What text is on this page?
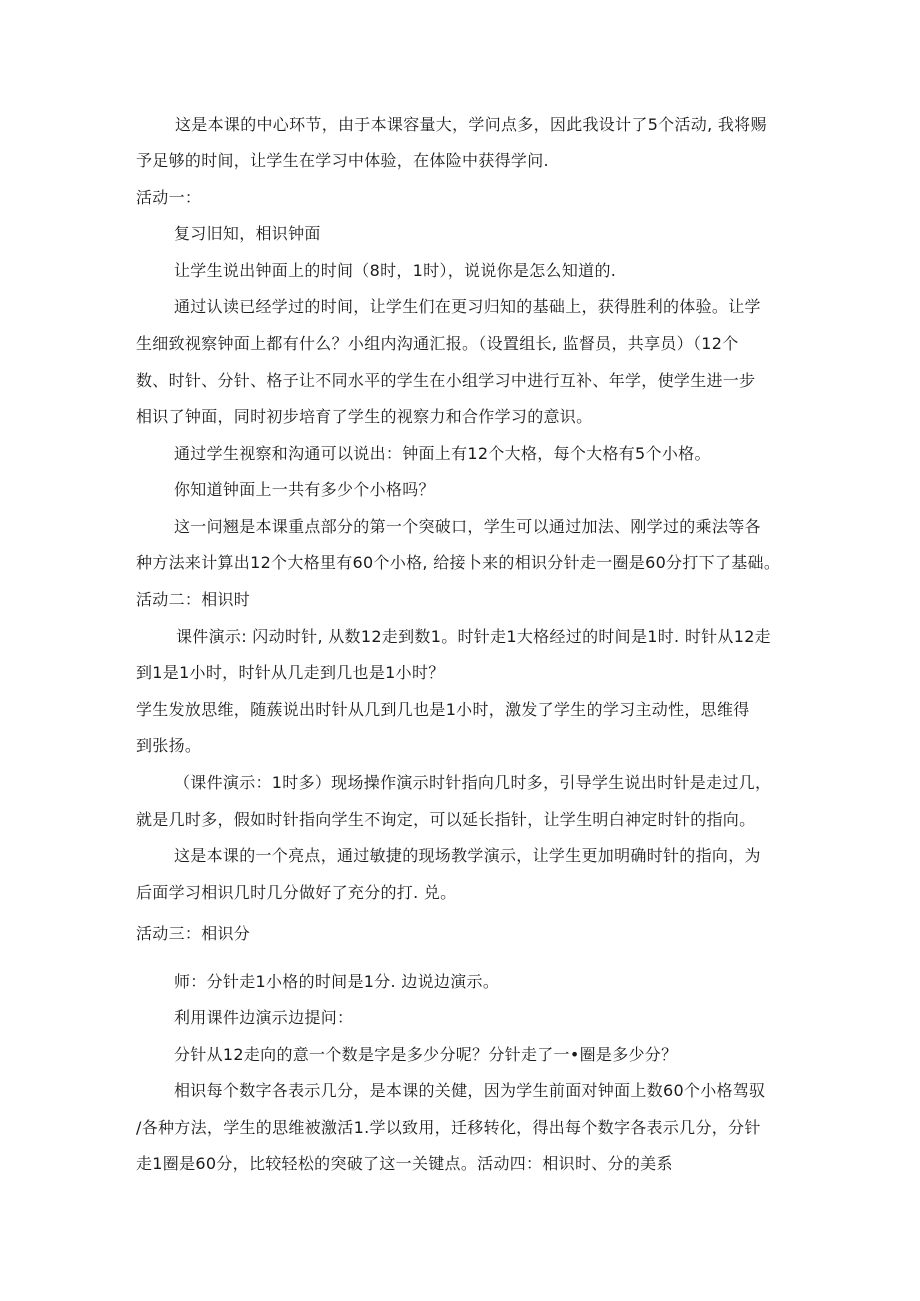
这是本课的中心环节，由于本课容量大，学问点多，因此我设计了5个活动, 我将赐
予足够的时间，让学生在学习中体验，在体险中获得学问.
活动一：
复习旧知，相识钟面
让学生说出钟面上的时间（8时，1时），说说你是怎么知道的.
通过认读已经学过的时间，让学生们在更习归知的基础上，获得胜利的体验。让学
生细致视察钟面上都有什么？小组内沟通汇报。（设置组长, 监督员，共享员）（12个
数、时针、分针、格子让不同水平的学生在小组学习中进行互补、年学，使学生进一步
相识了钟面，同时初步培育了学生的视察力和合作学习的意识。
通过学生视察和沟通可以说出：钟面上有12个大格，每个大格有5个小格。
你知道钟面上一共有多少个小格吗？
这一问翘是本课重点部分的第一个突破口，学生可以通过加法、刚学过的乘法等各
种方法来计算出12个大格里有60个小格, 给接卜来的相识分针走一圈是60分打下了基础。
活动二：相识时
课件演示: 闪动时针, 从数12走到数1。时针走1大格经过的时间是1时. 时针从12走
到1是1小时，时针从几走到几也是1小时？
学生发放思维，随蔟说出时针从几到几也是1小时，激发了学生的学习主动性，思维得
到张扬。
（课件演示：1时多）现场操作演示时针指向几时多，引导学生说出时针是走过几，
就是几时多，假如时针指向学生不询定，可以延长指针，让学生明白神定时针的指向。
这是本课的一个亮点，通过敏捷的现场教学演示，让学生更加明确时针的指向，为
后面学习相识几时几分做好了充分的打. 兑。
活动三：相识分
师：分针走1小格的时间是1分. 边说边演示。
利用课件边演示边提问：
分针从12走向的意一个数是字是多少分呢？分针走了一•圈是多少分？
相识每个数字各表示几分，是本课的关健，因为学生前面对钟面上数60个小格驾驭
/各种方法，学生的思维被激活1.学以致用，迁移转化，得出每个数字各表示几分，分针
走1圈是60分，比较轻松的突破了这一关键点。活动四：相识时、分的美系
